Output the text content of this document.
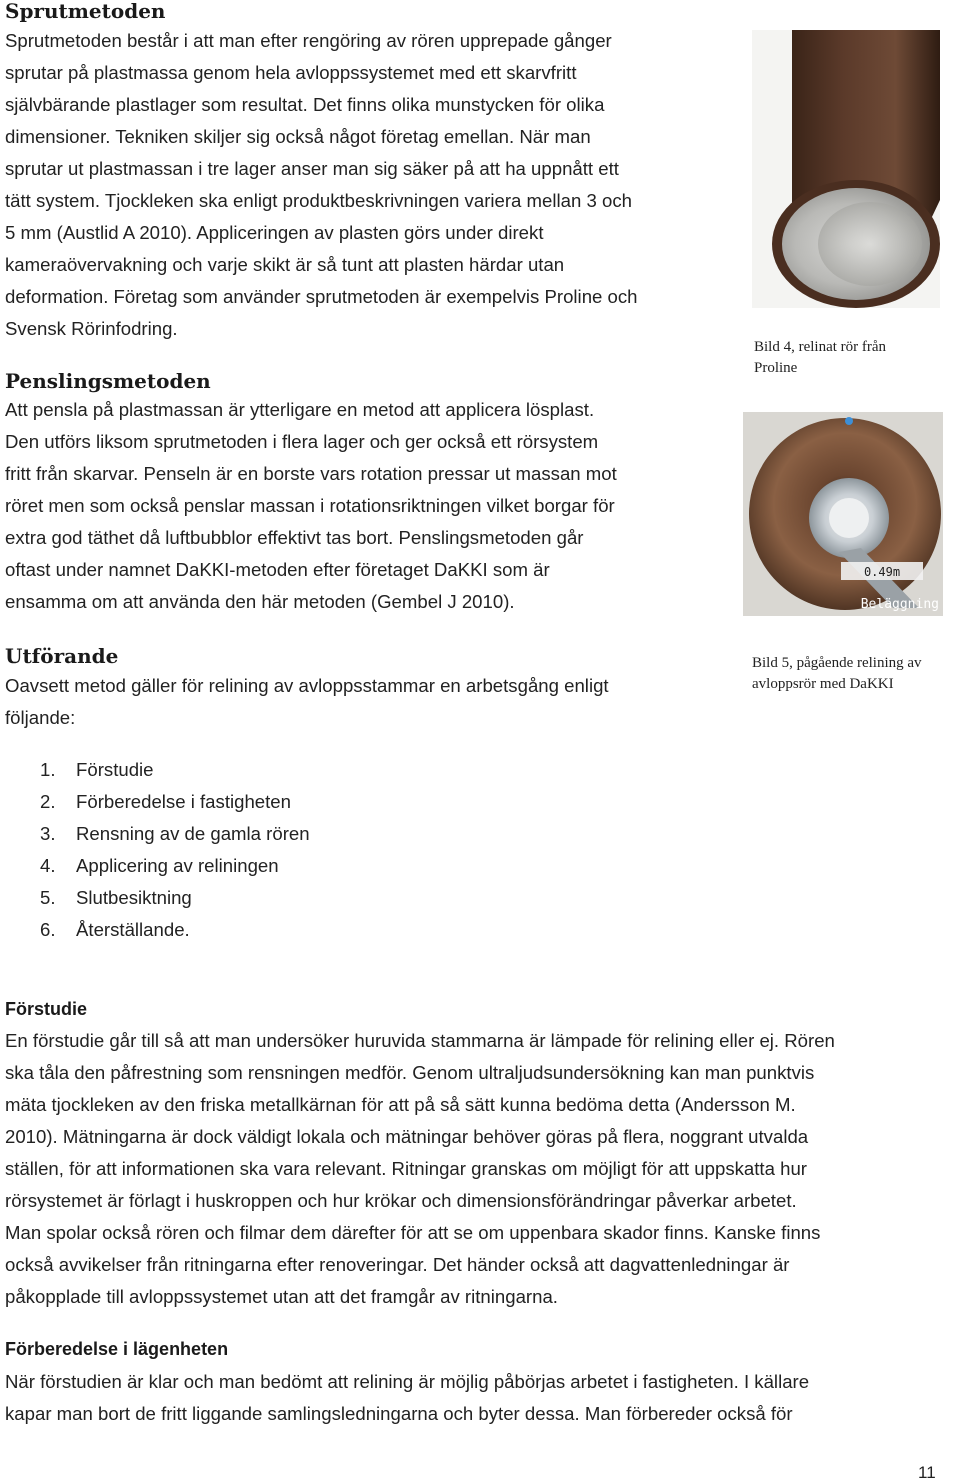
Sprutmetoden
Sprutmetoden består i att man efter rengöring av rören upprepade gånger
sprutar på plastmassa genom hela avloppssystemet med ett skarvfritt
självbärande plastlager som resultat. Det finns olika munstycken för olika
dimensioner. Tekniken skiljer sig också något företag emellan. När man
sprutar ut plastmassan i tre lager anser man sig säker på att ha uppnått ett
tätt system. Tjockleken ska enligt produktbeskrivningen variera mellan 3 och
5 mm (Austlid A 2010). Appliceringen av plasten görs under direkt
kameraövervakning och varje skikt är så tunt att plasten härdar utan
deformation. Företag som använder sprutmetoden är exempelvis Proline och
Svensk Rörinfodring.
Penslingsmetoden
Att pensla på plastmassan är ytterligare en metod att applicera lösplast.
Den utförs liksom sprutmetoden i flera lager och ger också ett rörsystem
fritt från skarvar. Penseln är en borste vars rotation pressar ut massan mot
röret men som också penslar massan i rotationsriktningen vilket borgar för
extra god täthet då luftbubblor effektivt tas bort. Penslingsmetoden går
oftast under namnet DaKKI-metoden efter företaget DaKKI som är
ensamma om att använda den här metoden (Gembel J 2010).
Utförande
Oavsett metod gäller för relining av avloppsstammar en arbetsgång enligt
följande:
1. Förstudie
2. Förberedelse i fastigheten
3. Rensning av de gamla rören
4. Applicering av reliningen
5. Slutbesiktning
6. Återställande.
Förstudie
En förstudie går till så att man undersöker huruvida stammarna är lämpade för relining eller ej. Rören
ska tåla den påfrestning som rensningen medför. Genom ultraljudsundersökning kan man punktvis
mäta tjockleken av den friska metallkärnan för att på så sätt kunna bedöma detta (Andersson M.
2010). Mätningarna är dock väldigt lokala och mätningar behöver göras på flera, noggrant utvalda
ställen, för att informationen ska vara relevant. Ritningar granskas om möjligt för att uppskatta hur
rörsystemet är förlagt i huskroppen och hur krökar och dimensionsförändringar påverkar arbetet.
Man spolar också rören och filmar dem därefter för att se om uppenbara skador finns. Kanske finns
också avvikelser från ritningarna efter renoveringar. Det händer också att dagvattenledningar är
påkopplade till avloppssystemet utan att det framgår av ritningarna.
Förberedelse i lägenheten
När förstudien är klar och man bedömt att relining är möjlig påbörjas arbetet i fastigheten. I källare
kapar man bort de fritt liggande samlingsledningarna och byter dessa. Man förbereder också för
Bild 4, relinat rör från
Proline
0.49m
Beläggning
Bild 5, pågående relining av
avloppsrör med DaKKI
11
